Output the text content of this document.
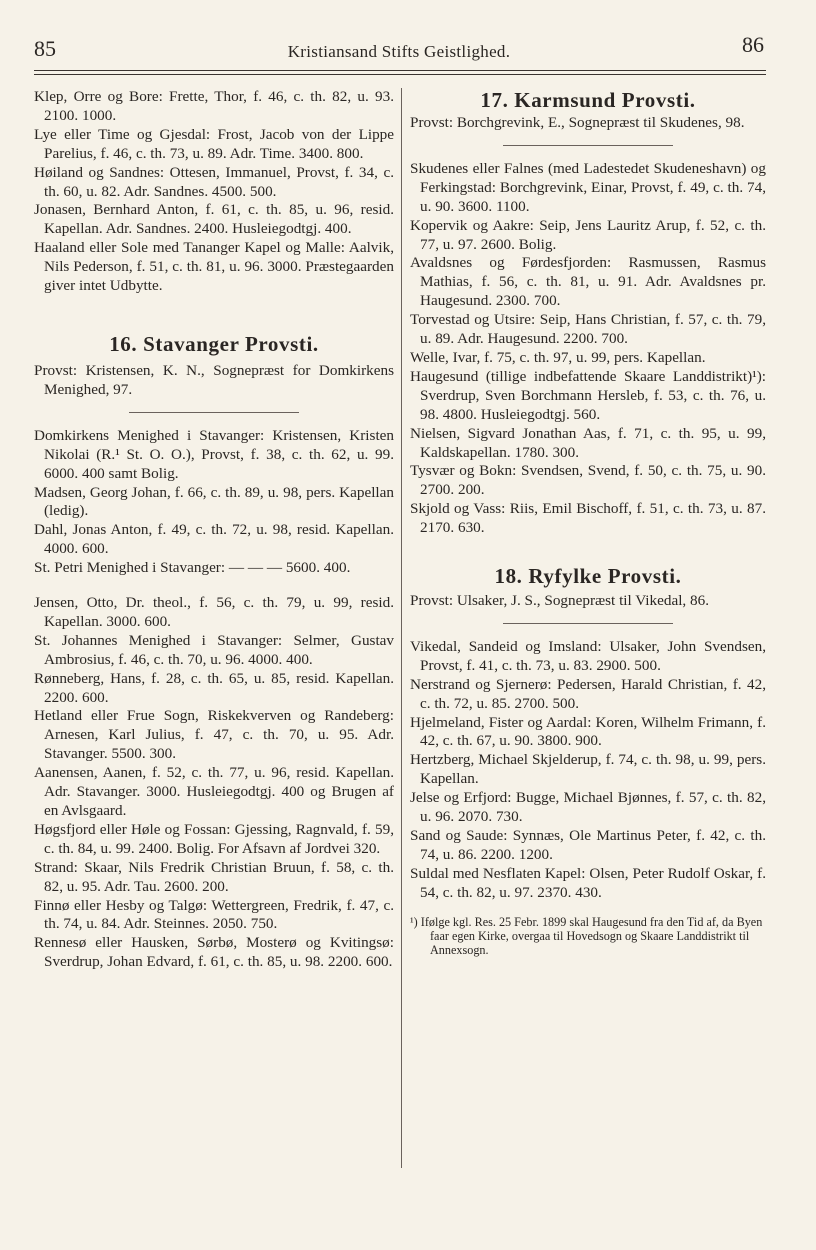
85	Kristiansand Stifts Geistlighed.	86
Klep, Orre og Bore: Frette, Thor, f. 46, c. th. 82, u. 93. 2100. 1000.
Lye eller Time og Gjesdal: Frost, Jacob von der Lippe Parelius, f. 46, c. th. 73, u. 89. Adr. Time. 3400. 800.
Høiland og Sandnes: Ottesen, Immanuel, Provst, f. 34, c. th. 60, u. 82. Adr. Sandnes. 4500. 500.
Jonasen, Bernhard Anton, f. 61, c. th. 85, u. 96, resid. Kapellan. Adr. Sandnes. 2400. Husleiegodtgj. 400.
Haaland eller Sole med Tananger Kapel og Malle: Aalvik, Nils Pederson, f. 51, c. th. 81, u. 96. 3000. Præstegaarden giver intet Udbytte.
16. Stavanger Provsti.
Provst: Kristensen, K. N., Sognepræst for Domkirkens Menighed, 97.
Domkirkens Menighed i Stavanger: Kristensen, Kristen Nikolai (R.¹ St. O. O.), Provst, f. 38, c. th. 62, u. 99. 6000. 400 samt Bolig.
Madsen, Georg Johan, f. 66, c. th. 89, u. 98, pers. Kapellan (ledig).
Dahl, Jonas Anton, f. 49, c. th. 72, u. 98, resid. Kapellan. 4000. 600.
St. Petri Menighed i Stavanger: — — — 5600. 400.
Jensen, Otto, Dr. theol., f. 56, c. th. 79, u. 99, resid. Kapellan. 3000. 600.
St. Johannes Menighed i Stavanger: Selmer, Gustav Ambrosius, f. 46, c. th. 70, u. 96. 4000. 400.
Rønneberg, Hans, f. 28, c. th. 65, u. 85, resid. Kapellan. 2200. 600.
Hetland eller Frue Sogn, Riskekverven og Randeberg: Arnesen, Karl Julius, f. 47, c. th. 70, u. 95. Adr. Stavanger. 5500. 300.
Aanensen, Aanen, f. 52, c. th. 77, u. 96, resid. Kapellan. Adr. Stavanger. 3000. Husleiegodtgj. 400 og Brugen af en Avlsgaard.
Høgsfjord eller Høle og Fossan: Gjessing, Ragnvald, f. 59, c. th. 84, u. 99. 2400. Bolig. For Afsavn af Jordvei 320.
Strand: Skaar, Nils Fredrik Christian Bruun, f. 58, c. th. 82, u. 95. Adr. Tau. 2600. 200.
Finnø eller Hesby og Talgø: Wettergreen, Fredrik, f. 47, c. th. 74, u. 84. Adr. Steinnes. 2050. 750.
Rennesø eller Hausken, Sørbø, Mosterø og Kvitingsø: Sverdrup, Johan Edvard, f. 61, c. th. 85, u. 98. 2200. 600.
17. Karmsund Provsti.
Provst: Borchgrevink, E., Sognepræst til Skudenes, 98.
Skudenes eller Falnes (med Ladestedet Skudeneshavn) og Ferkingstad: Borchgrevink, Einar, Provst, f. 49, c. th. 74, u. 90. 3600. 1100.
Kopervik og Aakre: Seip, Jens Lauritz Arup, f. 52, c. th. 77, u. 97. 2600. Bolig.
Avaldsnes og Førdesfjorden: Rasmussen, Rasmus Mathias, f. 56, c. th. 81, u. 91. Adr. Avaldsnes pr. Haugesund. 2300. 700.
Torvestad og Utsire: Seip, Hans Christian, f. 57, c. th. 79, u. 89. Adr. Haugesund. 2200. 700.
Welle, Ivar, f. 75, c. th. 97, u. 99, pers. Kapellan.
Haugesund (tillige indbefattende Skaare Landdistrikt)¹): Sverdrup, Sven Borchmann Hersleb, f. 53, c. th. 76, u. 98. 4800. Husleiegodtgj. 560.
Nielsen, Sigvard Jonathan Aas, f. 71, c. th. 95, u. 99, Kaldskapellan. 1780. 300.
Tysvær og Bokn: Svendsen, Svend, f. 50, c. th. 75, u. 90. 2700. 200.
Skjold og Vass: Riis, Emil Bischoff, f. 51, c. th. 73, u. 87. 2170. 630.
18. Ryfylke Provsti.
Provst: Ulsaker, J. S., Sognepræst til Vikedal, 86.
Vikedal, Sandeid og Imsland: Ulsaker, John Svendsen, Provst, f. 41, c. th. 73, u. 83. 2900. 500.
Nerstrand og Sjernerø: Pedersen, Harald Christian, f. 42, c. th. 72, u. 85. 2700. 500.
Hjelmeland, Fister og Aardal: Koren, Wilhelm Frimann, f. 42, c. th. 67, u. 90. 3800. 900.
Hertzberg, Michael Skjelderup, f. 74, c. th. 98, u. 99, pers. Kapellan.
Jelse og Erfjord: Bugge, Michael Bjønnes, f. 57, c. th. 82, u. 96. 2070. 730.
Sand og Saude: Synnæs, Ole Martinus Peter, f. 42, c. th. 74, u. 86. 2200. 1200.
Suldal med Nesflaten Kapel: Olsen, Peter Rudolf Oskar, f. 54, c. th. 82, u. 97. 2370. 430.
¹) Ifølge kgl. Res. 25 Febr. 1899 skal Haugesund fra den Tid af, da Byen faar egen Kirke, overgaa til Hovedsogn og Skaare Landdistrikt til Annexsogn.
